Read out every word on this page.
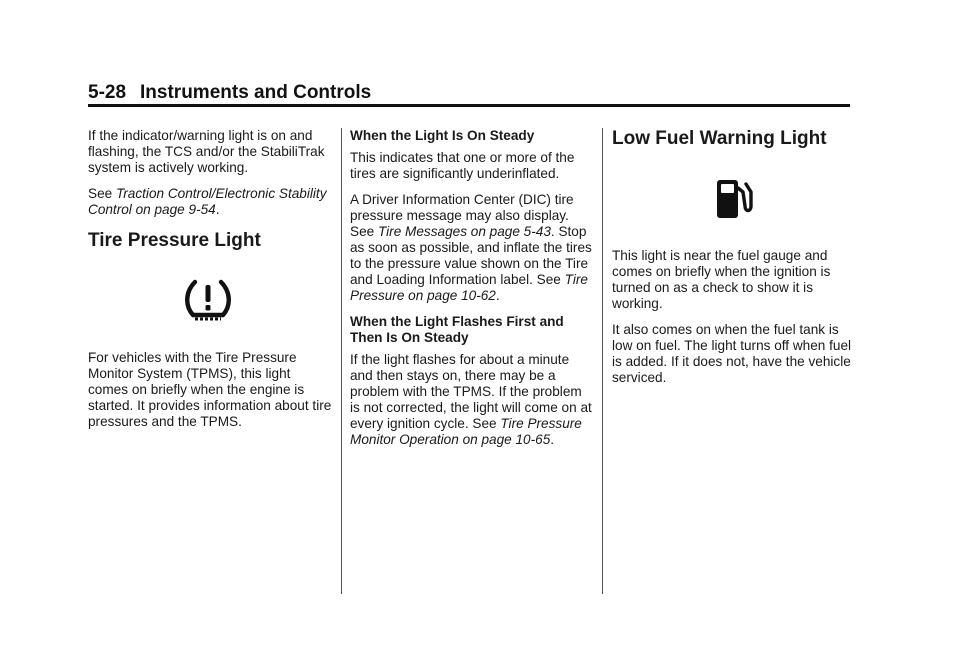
5-28 Instruments and Controls

If the indicator/warning light is on and flashing, the TCS and/or the StabiliTrak system is actively working.

See Traction Control/Electronic Stability Control on page 9-54.

Tire Pressure Light

For vehicles with the Tire Pressure Monitor System (TPMS), this light comes on briefly when the engine is started. It provides information about tire pressures and the TPMS.

When the Light Is On Steady

This indicates that one or more of the tires are significantly underinflated.

A Driver Information Center (DIC) tire pressure message may also display. See Tire Messages on page 5-43. Stop as soon as possible, and inflate the tires to the pressure value shown on the Tire and Loading Information label. See Tire Pressure on page 10-62.

When the Light Flashes First and Then Is On Steady

If the light flashes for about a minute and then stays on, there may be a problem with the TPMS. If the problem is not corrected, the light will come on at every ignition cycle. See Tire Pressure Monitor Operation on page 10-65.

Low Fuel Warning Light

This light is near the fuel gauge and comes on briefly when the ignition is turned on as a check to show it is working.

It also comes on when the fuel tank is low on fuel. The light turns off when fuel is added. If it does not, have the vehicle serviced.
